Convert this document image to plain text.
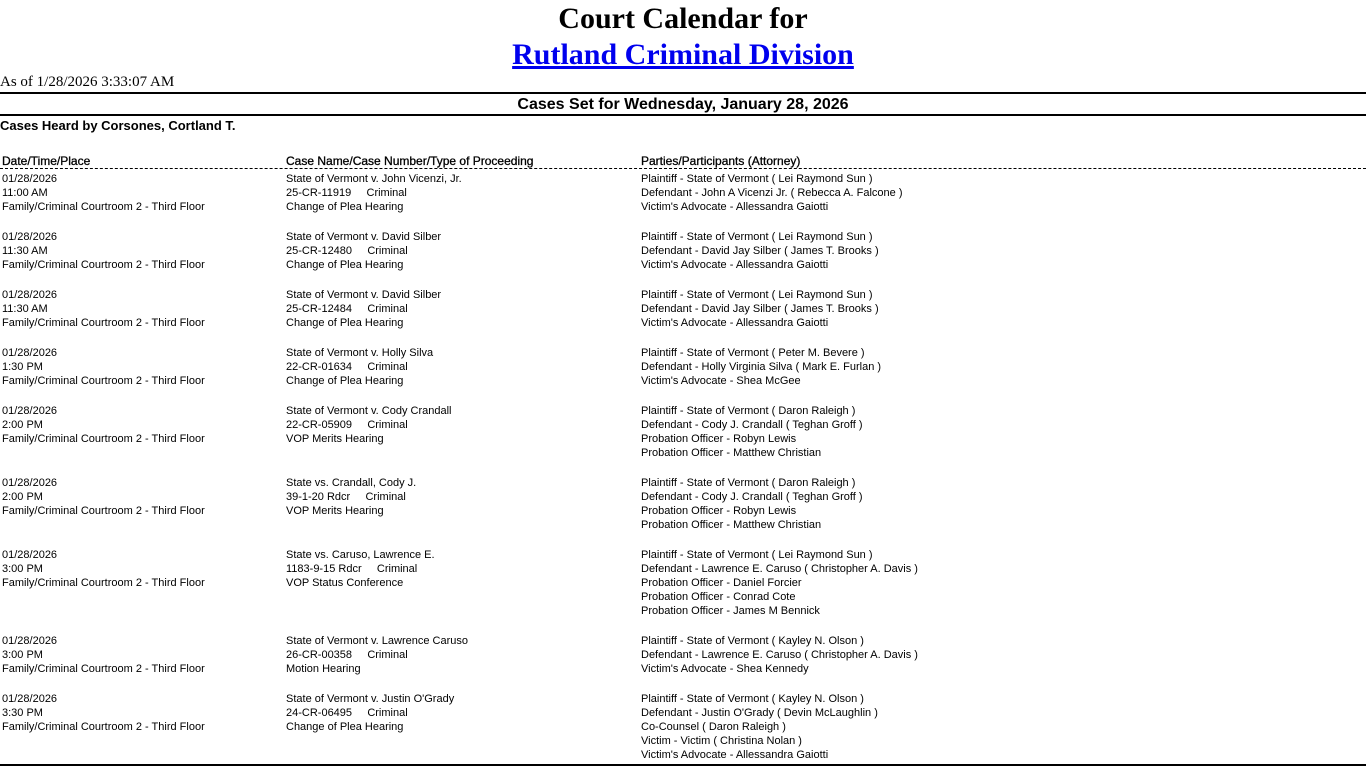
Court Calendar for
Rutland Criminal Division
As of 1/28/2026 3:33:07 AM
Cases Set for Wednesday, January 28, 2026
Cases Heard by Corsones, Cortland T.
Date/Time/Place	Case Name/Case Number/Type of Proceeding	Parties/Participants (Attorney)
01/28/2026
11:00 AM
Family/Criminal Courtroom 2 - Third Floor
State of Vermont v. John Vicenzi, Jr.
25-CR-11919     Criminal
Change of Plea Hearing
Plaintiff - State of Vermont ( Lei Raymond Sun )
Defendant - John A Vicenzi Jr. ( Rebecca A. Falcone )
Victim's Advocate - Allessandra Gaiotti
01/28/2026
11:30 AM
Family/Criminal Courtroom 2 - Third Floor
State of Vermont v. David Silber
25-CR-12480     Criminal
Change of Plea Hearing
Plaintiff - State of Vermont ( Lei Raymond Sun )
Defendant - David Jay Silber ( James T. Brooks )
Victim's Advocate - Allessandra Gaiotti
01/28/2026
11:30 AM
Family/Criminal Courtroom 2 - Third Floor
State of Vermont v. David Silber
25-CR-12484     Criminal
Change of Plea Hearing
Plaintiff - State of Vermont ( Lei Raymond Sun )
Defendant - David Jay Silber ( James T. Brooks )
Victim's Advocate - Allessandra Gaiotti
01/28/2026
1:30 PM
Family/Criminal Courtroom 2 - Third Floor
State of Vermont v. Holly Silva
22-CR-01634     Criminal
Change of Plea Hearing
Plaintiff - State of Vermont ( Peter M. Bevere )
Defendant - Holly Virginia Silva ( Mark E. Furlan )
Victim's Advocate - Shea McGee
01/28/2026
2:00 PM
Family/Criminal Courtroom 2 - Third Floor
State of Vermont v. Cody Crandall
22-CR-05909     Criminal
VOP Merits Hearing
Plaintiff - State of Vermont ( Daron Raleigh )
Defendant - Cody J. Crandall ( Teghan Groff )
Probation Officer - Robyn Lewis
Probation Officer - Matthew Christian
01/28/2026
2:00 PM
Family/Criminal Courtroom 2 - Third Floor
State vs. Crandall, Cody J.
39-1-20 Rdcr     Criminal
VOP Merits Hearing
Plaintiff - State of Vermont ( Daron Raleigh )
Defendant - Cody J. Crandall ( Teghan Groff )
Probation Officer - Robyn Lewis
Probation Officer - Matthew Christian
01/28/2026
3:00 PM
Family/Criminal Courtroom 2 - Third Floor
State vs. Caruso, Lawrence E.
1183-9-15 Rdcr     Criminal
VOP Status Conference
Plaintiff - State of Vermont ( Lei Raymond Sun )
Defendant - Lawrence E. Caruso ( Christopher A. Davis )
Probation Officer - Daniel Forcier
Probation Officer - Conrad Cote
Probation Officer - James M Bennick
01/28/2026
3:00 PM
Family/Criminal Courtroom 2 - Third Floor
State of Vermont v. Lawrence Caruso
26-CR-00358     Criminal
Motion Hearing
Plaintiff - State of Vermont ( Kayley N. Olson )
Defendant - Lawrence E. Caruso ( Christopher A. Davis )
Victim's Advocate - Shea Kennedy
01/28/2026
3:30 PM
Family/Criminal Courtroom 2 - Third Floor
State of Vermont v. Justin O'Grady
24-CR-06495     Criminal
Change of Plea Hearing
Plaintiff - State of Vermont ( Kayley N. Olson )
Defendant - Justin O'Grady ( Devin McLaughlin )
Co-Counsel ( Daron Raleigh )
Victim - Victim ( Christina Nolan )
Victim's Advocate - Allessandra Gaiotti
